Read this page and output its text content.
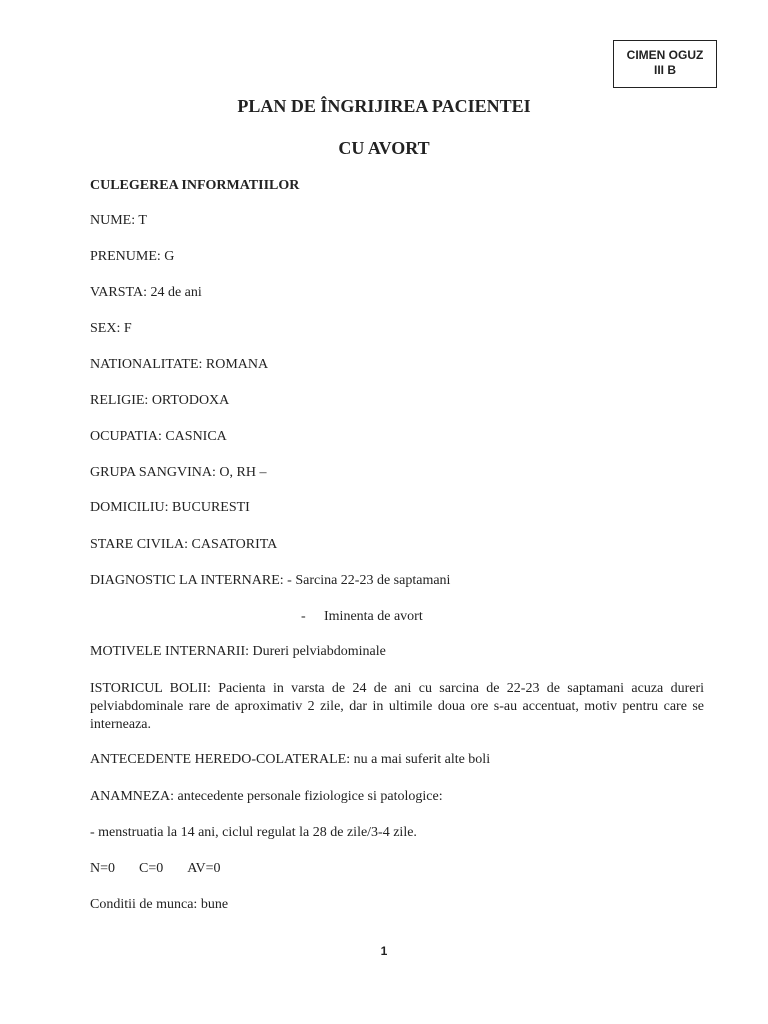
CIMEN OGUZ
III B
PLAN DE ÎNGRIJIREA PACIENTEI
CU AVORT
CULEGEREA INFORMATIILOR
NUME: T
PRENUME: G
VARSTA: 24 de ani
SEX: F
NATIONALITATE: ROMANA
RELIGIE: ORTODOXA
OCUPATIA: CASNICA
GRUPA SANGVINA: O, RH –
DOMICILIU: BUCURESTI
STARE CIVILA: CASATORITA
DIAGNOSTIC LA INTERNARE: - Sarcina 22-23 de saptamani
- Iminenta de avort
MOTIVELE INTERNARII: Dureri pelviabdominale
ISTORICUL BOLII: Pacienta in varsta de 24 de ani cu sarcina de 22-23 de saptamani acuza dureri pelviabdominale rare de aproximativ 2 zile, dar in ultimile doua ore s-au accentuat, motiv pentru care se interneaza.
ANTECEDENTE HEREDO-COLATERALE: nu a mai suferit alte boli
ANAMNEZA: antecedente personale fiziologice si patologice:
- menstruatia la 14 ani, ciclul regulat la 28 de zile/3-4 zile.
N=0 C=0 AV=0
Conditii de munca: bune
1
